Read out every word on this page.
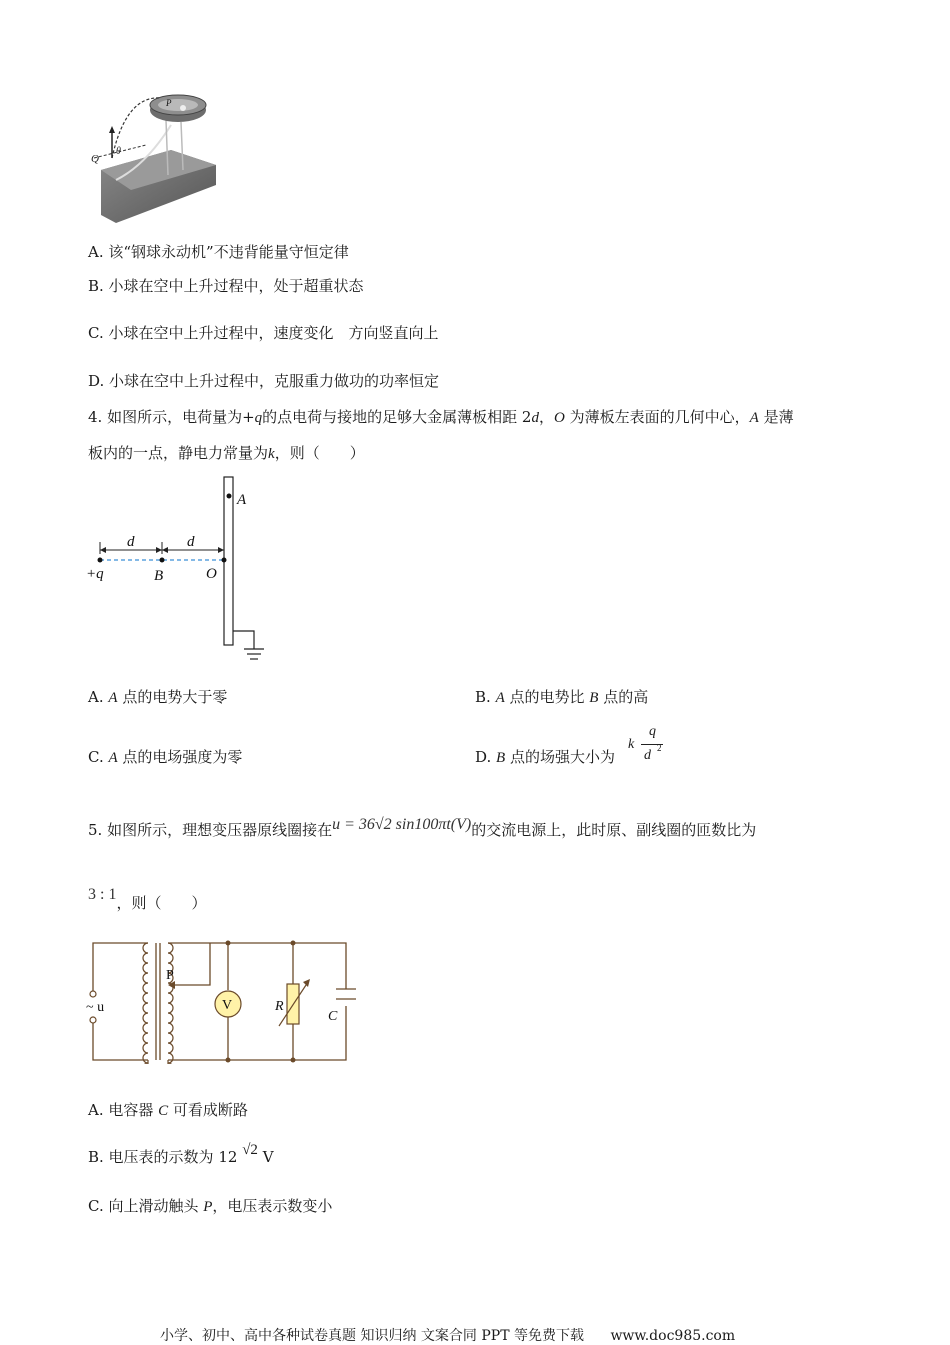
Q
θ
P
A. 该“钢球永动机”不违背能量守恒定律
B. 小球在空中上升过程中，处于超重状态
C. 小球在空中上升过程中，速度变化　方向竖直向上
D. 小球在空中上升过程中，克服重力做功的功率恒定
4. 如图所示，电荷量为+q的点电荷与接地的足够大金属薄板相距 2d，O 为薄板左表面的几何中心，A 是薄
板内的一点，静电力常量为k，则（　　）
A
d	d
+q	B	O
A. A 点的电势大于零	B. A 点的电势比 B 点的高
C. A 点的电场强度为零	D. B 点的场强大小为
k
q
d 2
5. 如图所示，理想变压器原线圈接在u = 36√2 sin100πt(V)的交流电源上，此时原、副线圈的匝数比为
3 : 1，则（　　）
P
~ u	V	R
C
A. 电容器 C 可看成断路
B. 电压表的示数为 12 √2 V
C. 向上滑动触头 P，电压表示数变小
小学、初中、高中各种试卷真题 知识归纳 文案合同 PPT 等免费下载 www.doc985.com
